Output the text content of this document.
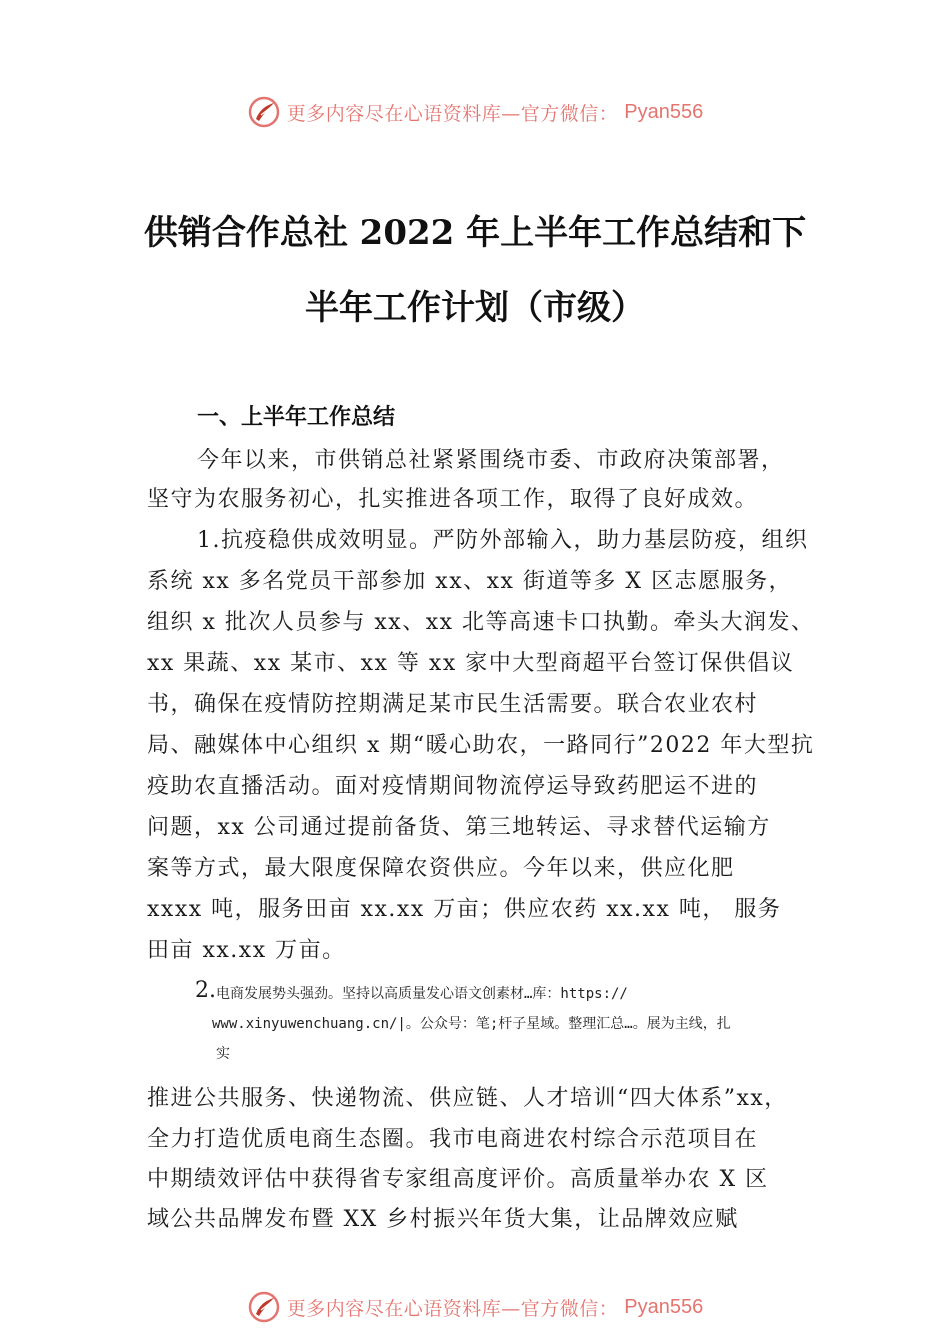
更多内容尽在心语资料库—官方微信： Pyan556
供销合作总社 2022 年上半年工作总结和下
半年工作计划（市级）
一、上半年工作总结
今年以来，市供销总社紧紧围绕市委、市政府决策部署，
坚守为农服务初心，扎实推进各项工作，取得了良好成效。
1.抗疫稳供成效明显。严防外部输入，助力基层防疫，组织
系统 xx 多名党员干部参加 xx、xx 街道等多 X 区志愿服务，
组织 x 批次人员参与 xx、xx 北等高速卡口执勤。牵头大润发、
xx 果蔬、xx 某市、xx 等 xx 家中大型商超平台签订保供倡议
书，确保在疫情防控期满足某市民生活需要。联合农业农村
局、融媒体中心组织 x 期“暖心助农，一路同行”2022 年大型抗
疫助农直播活动。面对疫情期间物流停运导致药肥运不进的
问题，xx 公司通过提前备货、第三地转运、寻求替代运输方
案等方式，最大限度保障农资供应。今年以来，供应化肥
xxxx 吨，服务田亩 xx.xx 万亩；供应农药 xx.xx 吨， 服务
田亩 xx.xx 万亩。
2. 电商发展势头强劲。坚持以高质量发心语文创素材…库：https://
www.xinyuwenchuang.cn/|。公众号：笔;杆子星域。整理汇总…。展为主线，扎
实
推进公共服务、快递物流、供应链、人才培训“四大体系”xx，
全力打造优质电商生态圈。我市电商进农村综合示范项目在
中期绩效评估中获得省专家组高度评价。高质量举办农 X 区
域公共品牌发布暨 XX 乡村振兴年货大集，让品牌效应赋
更多内容尽在心语资料库—官方微信： Pyan556
